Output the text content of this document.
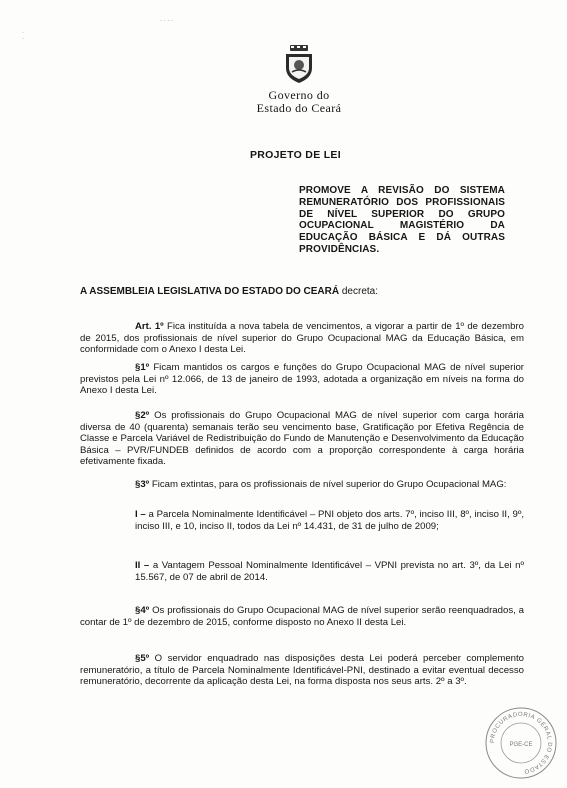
·
·
· · · ·
Governo do
Estado do Ceará
PROJETO DE LEI
PROMOVE A REVISÃO DO SISTEMA REMUNERATÓRIO DOS PROFISSIONAIS DE NÍVEL SUPERIOR DO GRUPO OCUPACIONAL MAGISTÉRIO DA EDUCAÇÃO BÁSICA E DÁ OUTRAS PROVIDÊNCIAS.
A ASSEMBLEIA LEGISLATIVA DO ESTADO DO CEARÁ decreta:
Art. 1º Fica instituída a nova tabela de vencimentos, a vigorar a partir de 1º de dezembro de 2015, dos profissionais de nível superior do Grupo Ocupacional MAG da Educação Básica, em conformidade com o Anexo I desta Lei.
§1º Ficam mantidos os cargos e funções do Grupo Ocupacional MAG de nível superior previstos pela Lei nº 12.066, de 13 de janeiro de 1993, adotada a organização em níveis na forma do Anexo I desta Lei.
§2º Os profissionais do Grupo Ocupacional MAG de nível superior com carga horária diversa de 40 (quarenta) semanais terão seu vencimento base, Gratificação por Efetiva Regência de Classe e Parcela Variável de Redistribuição do Fundo de Manutenção e Desenvolvimento da Educação Básica – PVR/FUNDEB definidos de acordo com a proporção correspondente à carga horária efetivamente fixada.
§3º Ficam extintas, para os profissionais de nível superior do Grupo Ocupacional MAG:
I – a Parcela Nominalmente Identificável – PNI objeto dos arts. 7º, inciso III, 8º, inciso II, 9º, inciso III, e 10, inciso II, todos da Lei nº 14.431, de 31 de julho de 2009;
II – a Vantagem Pessoal Nominalmente Identificável – VPNI prevista no art. 3º, da Lei nº 15.567, de 07 de abril de 2014.
§4º Os profissionais do Grupo Ocupacional MAG de nível superior serão reenquadrados, a contar de 1º de dezembro de 2015, conforme disposto no Anexo II desta Lei.
§5º O servidor enquadrado nas disposições desta Lei poderá perceber complemento remuneratório, a título de Parcela Nominalmente Identificável-PNI, destinado a evitar eventual decesso remuneratório, decorrente da aplicação desta Lei, na forma disposta nos seus arts. 2º a 3º.
PROCURADORIA GERAL DO ESTADO
PGE-CE
